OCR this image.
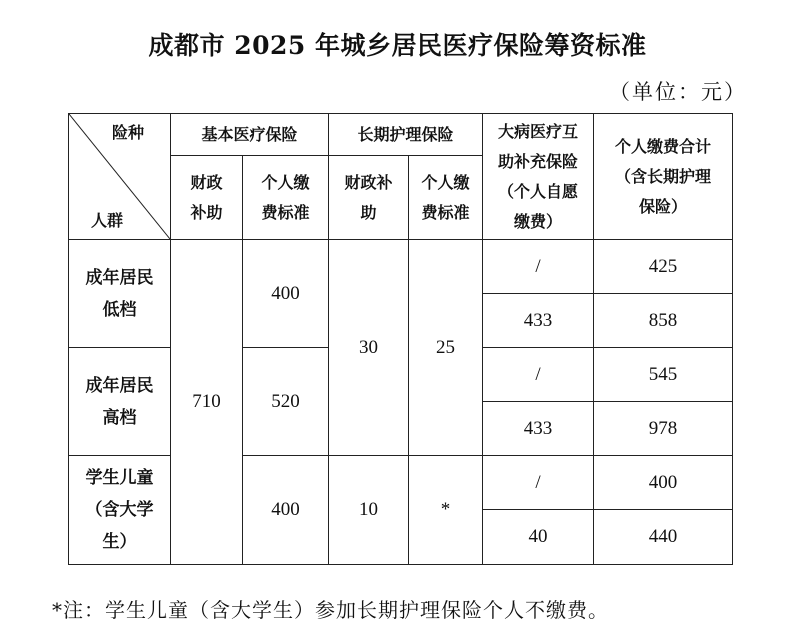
成都市 2025 年城乡居民医疗保险筹资标准
（单位：元）
险种
人群	基本医疗保险		长期护理保险		大病医疗互助补充保险（个人自愿缴费）	个人缴费合计（含长期护理保险）
	财政补助	个人缴费标准	财政补助	个人缴费标准		
成年居民低档	710	400	30	25	/	425
					433	858
成年居民高档		520			/	545
					433	978
学生儿童（含大学生）		400	10	*	/	400
					40	440
*注：学生儿童（含大学生）参加长期护理保险个人不缴费。
